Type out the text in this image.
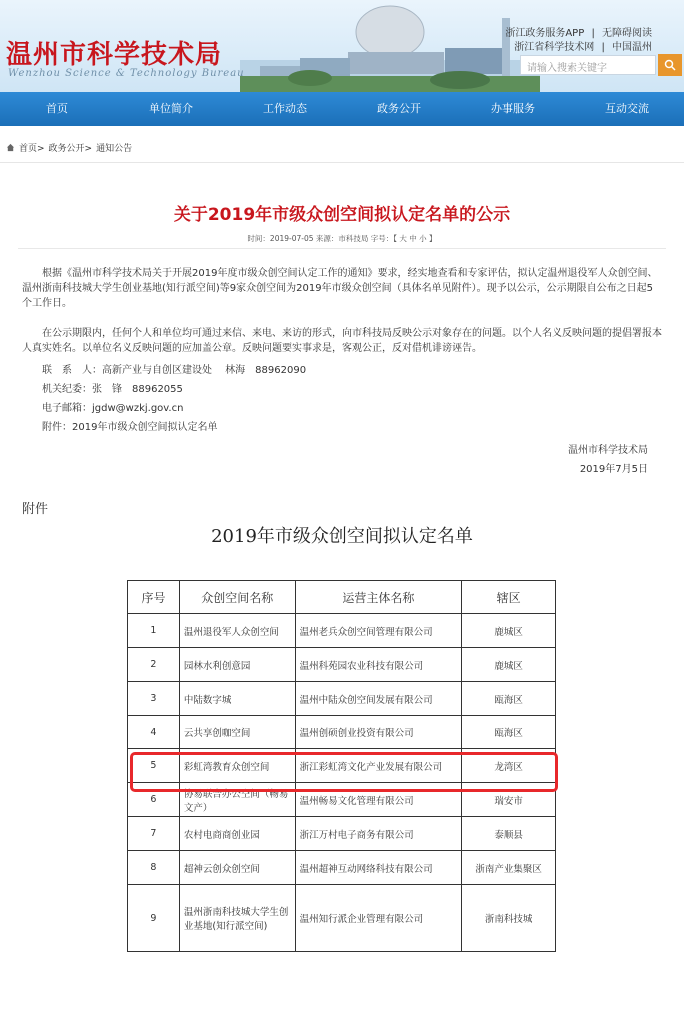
温州市科学技术局
Wenzhou Science & Technology Bureau
浙江政务服务APP | 无障碍阅读
浙江省科学技术网 | 中国温州
请输入搜索关键字
首页	单位简介	工作动态	政务公开	办事服务	互动交流
首页> 政务公开> 通知公告
关于2019年市级众创空间拟认定名单的公示
时间：2019-07-05 来源：市科技局 字号：【 大 中 小 】
根据《温州市科学技术局关于开展2019年度市级众创空间认定工作的通知》要求，经实地查看和专家评估，拟认定温州退役军人众创空间、温州浙南科技城大学生创业基地(知行派空间)等9家众创空间为2019年市级众创空间（具体名单见附件）。现予以公示，公示期限自公布之日起5个工作日。
在公示期限内，任何个人和单位均可通过来信、来电、来访的形式，向市科技局反映公示对象存在的问题。以个人名义反映问题的提倡署报本人真实姓名。以单位名义反映问题的应加盖公章。反映问题要实事求是，客观公正，反对借机诽谤诬告。
联　系　人：高新产业与自创区建设处　 林海　88962090
机关纪委：张　锋　88962055
电子邮箱：jgdw@wzkj.gov.cn
附件：2019年市级众创空间拟认定名单
温州市科学技术局
2019年7月5日
附件
2019年市级众创空间拟认定名单
序号	众创空间名称	运营主体名称	辖区
1	温州退役军人众创空间	温州老兵众创空间管理有限公司	鹿城区
2	园林水利创意园	温州科苑园农业科技有限公司	鹿城区
3	中陆数字城	温州中陆众创空间发展有限公司	瓯海区
4	云共享创咖空间	温州创硕创业投资有限公司	瓯海区
5	彩虹湾教育众创空间	浙江彩虹湾文化产业发展有限公司	龙湾区
6	协易联合办公空间（畅易文产）	温州畅易文化管理有限公司	瑞安市
7	农村电商商创业园	浙江万村电子商务有限公司	泰顺县
8	超神云创众创空间	温州超神互动网络科技有限公司	浙南产业集聚区
9	温州浙南科技城大学生创业基地(知行派空间)	温州知行派企业管理有限公司	浙南科技城
